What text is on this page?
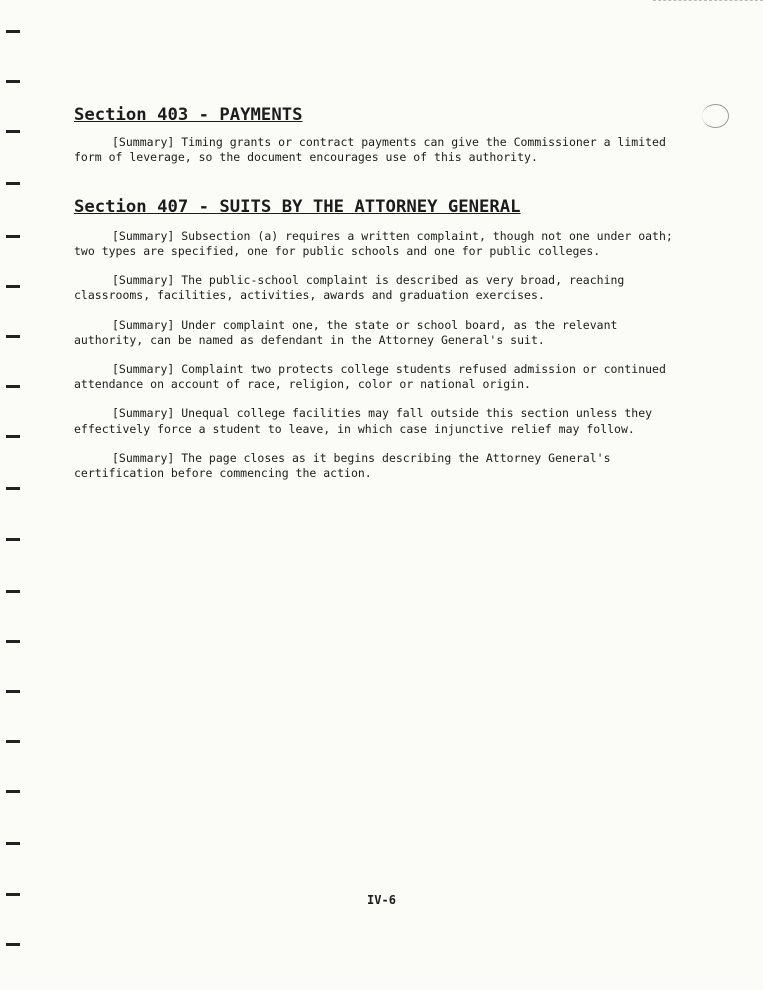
Section 403 - PAYMENTS

[Summary] Timing grants or contract payments can give the Commissioner a limited form of leverage, so the document encourages use of this authority.

Section 407 - SUITS BY THE ATTORNEY GENERAL

[Summary] Subsection (a) requires a written complaint, though not one under oath; two types are specified, one for public schools and one for public colleges.

[Summary] The public-school complaint is described as very broad, reaching classrooms, facilities, activities, awards and graduation exercises.

[Summary] Under complaint one, the state or school board, as the relevant authority, can be named as defendant in the Attorney General's suit.

[Summary] Complaint two protects college students refused admission or continued attendance on account of race, religion, color or national origin.

[Summary] Unequal college facilities may fall outside this section unless they effectively force a student to leave, in which case injunctive relief may follow.

[Summary] The page closes as it begins describing the Attorney General's certification before commencing the action.

IV-6
